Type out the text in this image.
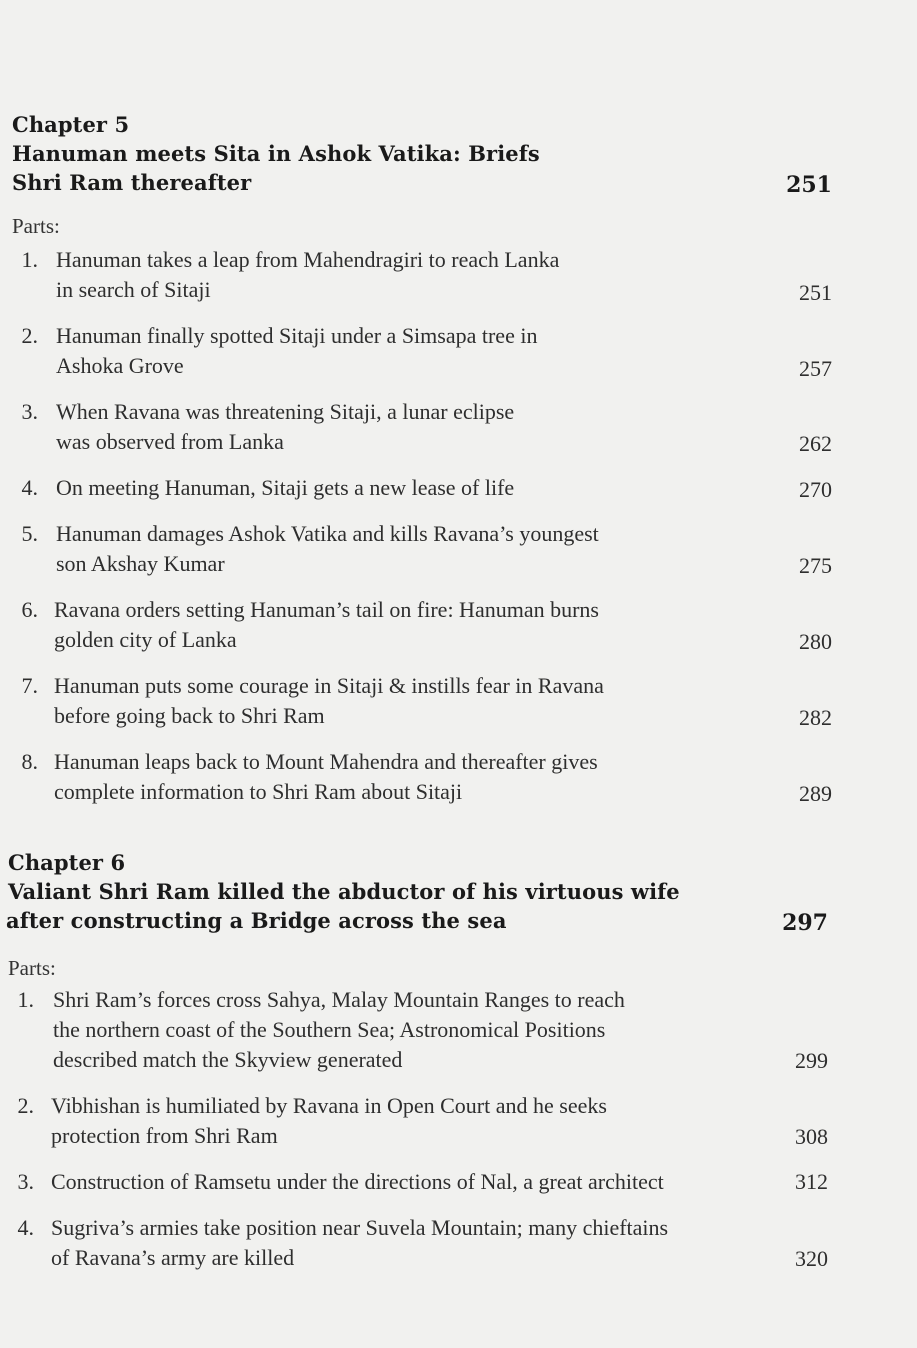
Chapter 5
Hanuman meets Sita in Ashok Vatika: Briefs
Shri Ram thereafter	251
Parts:
1. Hanuman takes a leap from Mahendragiri to reach Lanka
in search of Sitaji	251
2. Hanuman finally spotted Sitaji under a Simsapa tree in
Ashoka Grove	257
3. When Ravana was threatening Sitaji, a lunar eclipse
was observed from Lanka	262
4. On meeting Hanuman, Sitaji gets a new lease of life	270
5. Hanuman damages Ashok Vatika and kills Ravana’s youngest
son Akshay Kumar	275
6. Ravana orders setting Hanuman’s tail on fire: Hanuman burns
golden city of Lanka	280
7. Hanuman puts some courage in Sitaji & instills fear in Ravana
before going back to Shri Ram	282
8. Hanuman leaps back to Mount Mahendra and thereafter gives
complete information to Shri Ram about Sitaji	289
Chapter 6
Valiant Shri Ram killed the abductor of his virtuous wife
after constructing a Bridge across the sea	297
Parts:
1. Shri Ram’s forces cross Sahya, Malay Mountain Ranges to reach
the northern coast of the Southern Sea; Astronomical Positions
described match the Skyview generated	299
2. Vibhishan is humiliated by Ravana in Open Court and he seeks
protection from Shri Ram	308
3. Construction of Ramsetu under the directions of Nal, a great architect	312
4. Sugriva’s armies take position near Suvela Mountain; many chieftains
of Ravana’s army are killed	320
